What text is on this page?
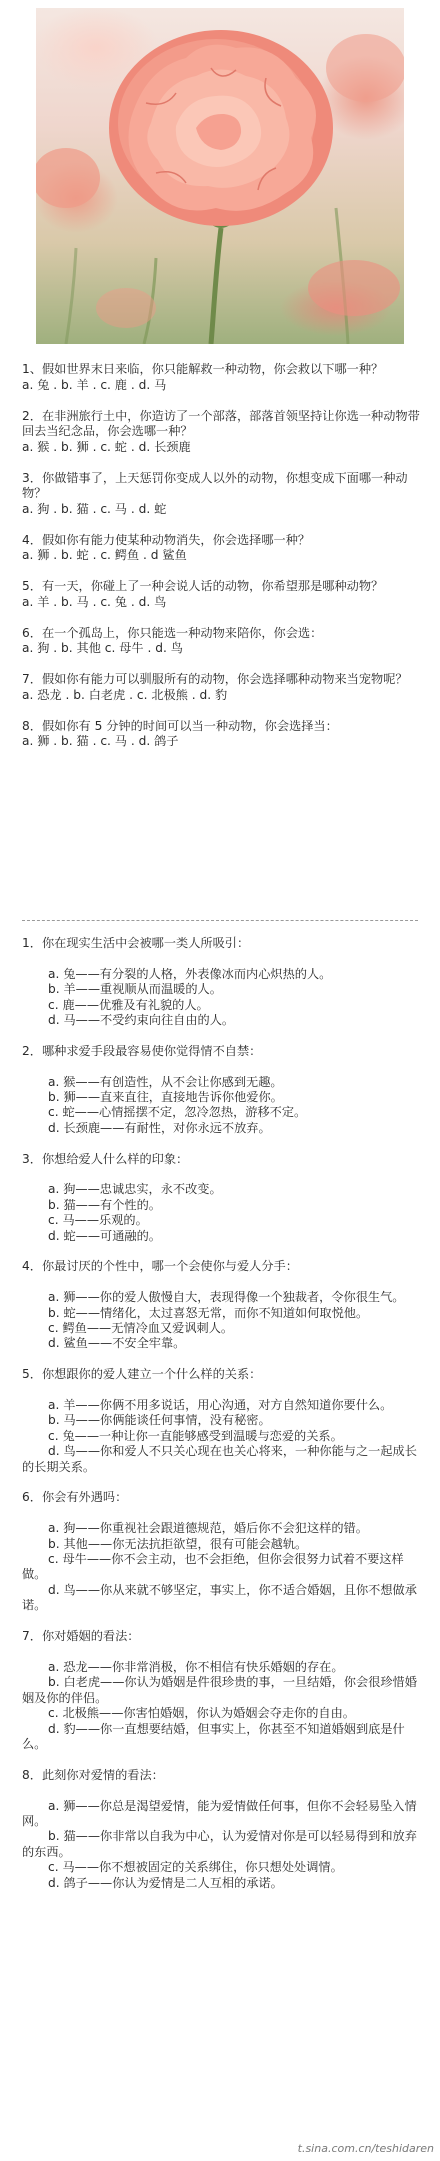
1、假如世界末日来临，你只能解救一种动物，你会救以下哪一种？

a. 兔 . b. 羊 . c. 鹿 . d. 马

2．在非洲旅行土中，你造访了一个部落，部落首领坚持让你选一种动物带回去当纪念品，你会选哪一种？

a. 猴 . b. 狮 . c. 蛇 . d. 长颈鹿

3．你做错事了，上天惩罚你变成人以外的动物，你想变成下面哪一种动物？

a. 狗 . b. 猫 . c. 马 . d. 蛇

4．假如你有能力使某种动物消失，你会选择哪一种？

a. 狮 . b. 蛇 . c. 鳄鱼 . d 鲨鱼

5．有一天，你碰上了一种会说人话的动物，你希望那是哪种动物？

a. 羊 . b. 马 . c. 兔 . d. 鸟

6．在一个孤岛上，你只能选一种动物来陪你，你会选：

a. 狗 . b. 其他 c. 母牛 . d. 鸟

7．假如你有能力可以驯服所有的动物，你会选择哪种动物来当宠物呢？

a. 恐龙 . b. 白老虎 . c. 北极熊 . d. 豹

8．假如你有 5 分钟的时间可以当一种动物，你会选择当：

a. 狮 . b. 猫 . c. 马 . d. 鸽子

1．你在现实生活中会被哪一类人所吸引：

a. 兔——有分裂的人格，外表像冰而内心炽热的人。

b. 羊——重视顺从而温暖的人。

c. 鹿——优雅及有礼貌的人。

d. 马——不受约束向往自由的人。

2．哪种求爱手段最容易使你觉得情不自禁：

a. 猴——有创造性，从不会让你感到无趣。

b. 狮——直来直往，直接地告诉你他爱你。

c. 蛇——心情摇摆不定，忽冷忽热，游移不定。

d. 长颈鹿——有耐性，对你永远不放弃。

3．你想给爱人什么样的印象：

a. 狗——忠诚忠实，永不改变。

b. 猫——有个性的。

c. 马——乐观的。

d. 蛇——可通融的。

4．你最讨厌的个性中，哪一个会使你与爱人分手：

a. 狮——你的爱人傲慢自大，表现得像一个独裁者，令你很生气。

b. 蛇——情绪化，太过喜怒无常，而你不知道如何取悦他。

c. 鳄鱼——无情冷血又爱讽刺人。

d. 鲨鱼——不安全牢靠。

5．你想跟你的爱人建立一个什么样的关系：

a. 羊——你俩不用多说话，用心沟通，对方自然知道你要什么。

b. 马——你俩能谈任何事情，没有秘密。

c. 兔——一种让你一直能够感受到温暖与恋爱的关系。

d. 鸟——你和爱人不只关心现在也关心将来，一种你能与之一起成长的长期关系。

6．你会有外遇吗：

a. 狗——你重视社会跟道德规范，婚后你不会犯这样的错。

b. 其他——你无法抗拒欲望，很有可能会越轨。

c. 母牛——你不会主动，也不会拒绝，但你会很努力试着不要这样做。

d. 鸟——你从来就不够坚定，事实上，你不适合婚姻，且你不想做承诺。

7．你对婚姻的看法：

a. 恐龙——你非常消极，你不相信有快乐婚姻的存在。

b. 白老虎——你认为婚姻是件很珍贵的事，一旦结婚，你会很珍惜婚姻及你的伴侣。

c. 北极熊——你害怕婚姻，你认为婚姻会夺走你的自由。

d. 豹——你一直想要结婚，但事实上，你甚至不知道婚姻到底是什么。

8．此刻你对爱情的看法：

a. 狮——你总是渴望爱情，能为爱情做任何事，但你不会轻易坠入情网。

b. 猫——你非常以自我为中心，认为爱情对你是可以轻易得到和放弃的东西。

c. 马——你不想被固定的关系绑住，你只想处处调情。

d. 鸽子——你认为爱情是二人互相的承诺。

t.sina.com.cn/teshidaren
